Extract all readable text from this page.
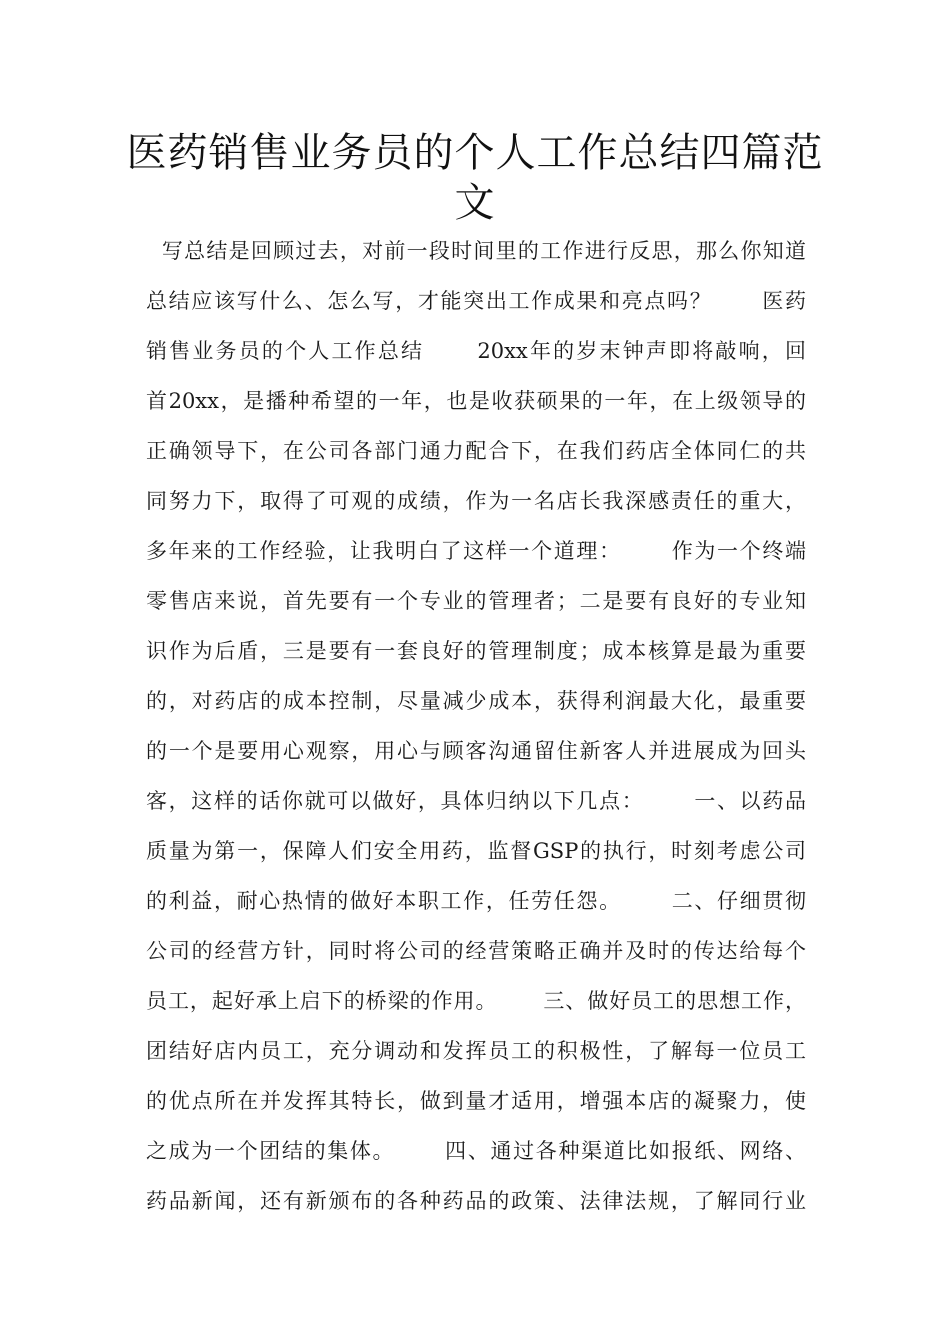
医药销售业务员的个人工作总结四篇范
文
写总结是回顾过去，对前一段时间里的工作进行反思，那么你知道
总结应该写什么、怎么写，才能突出工作成果和亮点吗？      医药
销售业务员的个人工作总结      20xx年的岁末钟声即将敲响，回
首20xx，是播种希望的一年，也是收获硕果的一年，在上级领导的
正确领导下，在公司各部门通力配合下，在我们药店全体同仁的共
同努力下，取得了可观的成绩，作为一名店长我深感责任的重大，
多年来的工作经验，让我明白了这样一个道理：      作为一个终端
零售店来说，首先要有一个专业的管理者；二是要有良好的专业知
识作为后盾，三是要有一套良好的管理制度；成本核算是最为重要
的，对药店的成本控制，尽量减少成本，获得利润最大化，最重要
的一个是要用心观察，用心与顾客沟通留住新客人并进展成为回头
客，这样的话你就可以做好，具体归纳以下几点：      一、以药品
质量为第一，保障人们安全用药，监督GSP的执行，时刻考虑公司
的利益，耐心热情的做好本职工作，任劳任怨。      二、仔细贯彻
公司的经营方针，同时将公司的经营策略正确并及时的传达给每个
员工，起好承上启下的桥梁的作用。      三、做好员工的思想工作，
团结好店内员工，充分调动和发挥员工的积极性，了解每一位员工
的优点所在并发挥其特长，做到量才适用，增强本店的凝聚力，使
之成为一个团结的集体。      四、通过各种渠道比如报纸、网络、
药品新闻，还有新颁布的各种药品的政策、法律法规，了解同行业
